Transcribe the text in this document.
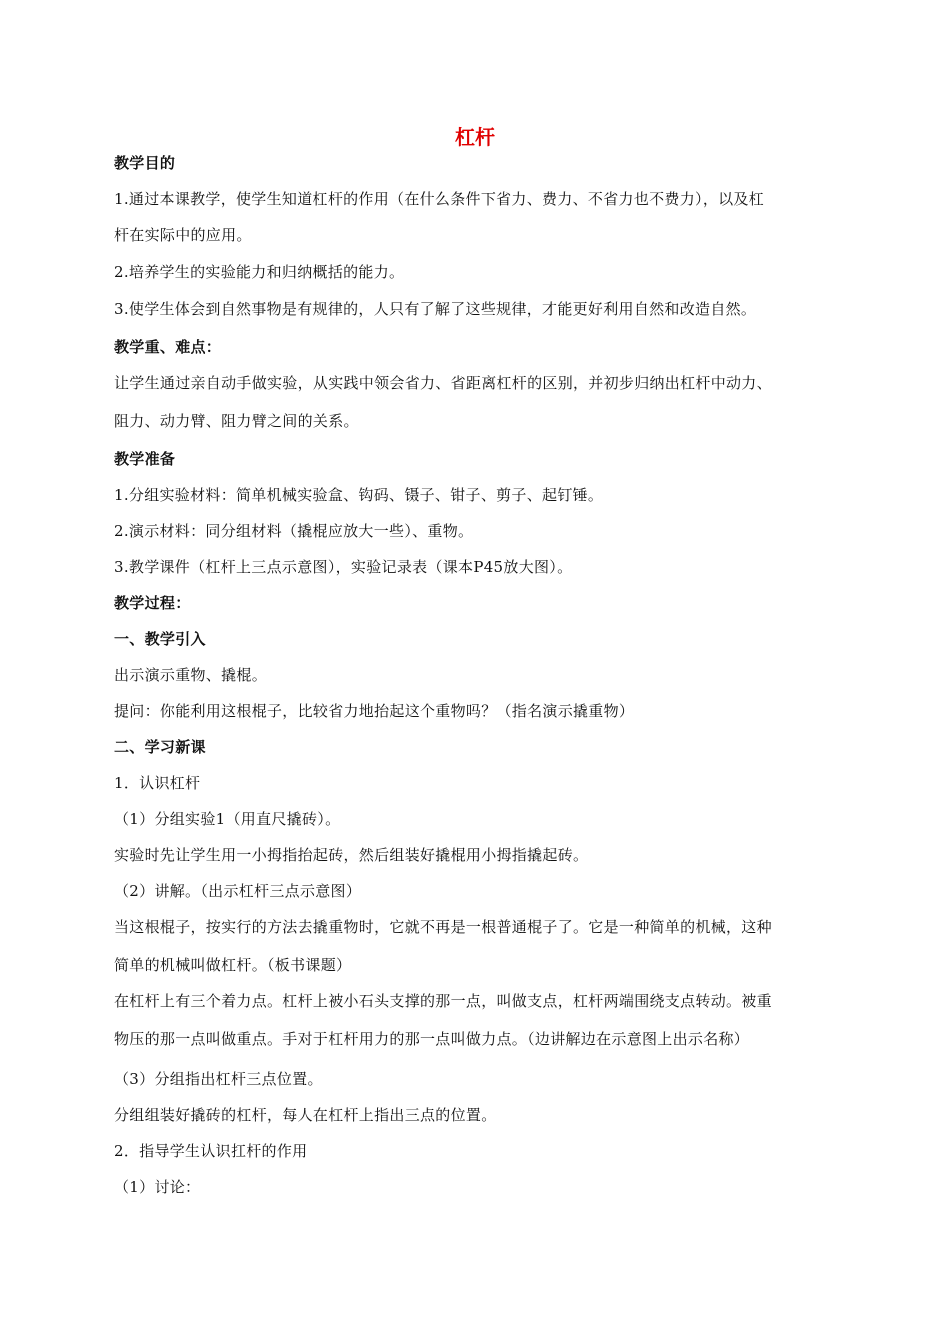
杠杆
教学目的
1.通过本课教学，使学生知道杠杆的作用（在什么条件下省力、费力、不省力也不费力），以及杠
杆在实际中的应用。
2.培养学生的实验能力和归纳概括的能力。
3.使学生体会到自然事物是有规律的，人只有了解了这些规律，才能更好利用自然和改造自然。
教学重、难点：
让学生通过亲自动手做实验，从实践中领会省力、省距离杠杆的区别，并初步归纳出杠杆中动力、
阻力、动力臂、阻力臂之间的关系。
教学准备
1.分组实验材料：简单机械实验盒、钩码、镊子、钳子、剪子、起钉锤。
2.演示材料：同分组材料（撬棍应放大一些）、重物。
3.教学课件（杠杆上三点示意图），实验记录表（课本P45放大图）。
教学过程：
一、教学引入
出示演示重物、撬棍。
提问：你能利用这根棍子，比较省力地抬起这个重物吗？（指名演示撬重物）
二、学习新课
1．认识杠杆
（1）分组实验1（用直尺撬砖）。
实验时先让学生用一小拇指抬起砖，然后组装好撬棍用小拇指撬起砖。
（2）讲解。（出示杠杆三点示意图）
当这根棍子，按实行的方法去撬重物时，它就不再是一根普通棍子了。它是一种简单的机械，这种
简单的机械叫做杠杆。（板书课题）
在杠杆上有三个着力点。杠杆上被小石头支撑的那一点，叫做支点，杠杆两端围绕支点转动。被重
物压的那一点叫做重点。手对于杠杆用力的那一点叫做力点。（边讲解边在示意图上出示名称）
（3）分组指出杠杆三点位置。
分组组装好撬砖的杠杆，每人在杠杆上指出三点的位置。
2．指导学生认识扛杆的作用
（1）讨论：
